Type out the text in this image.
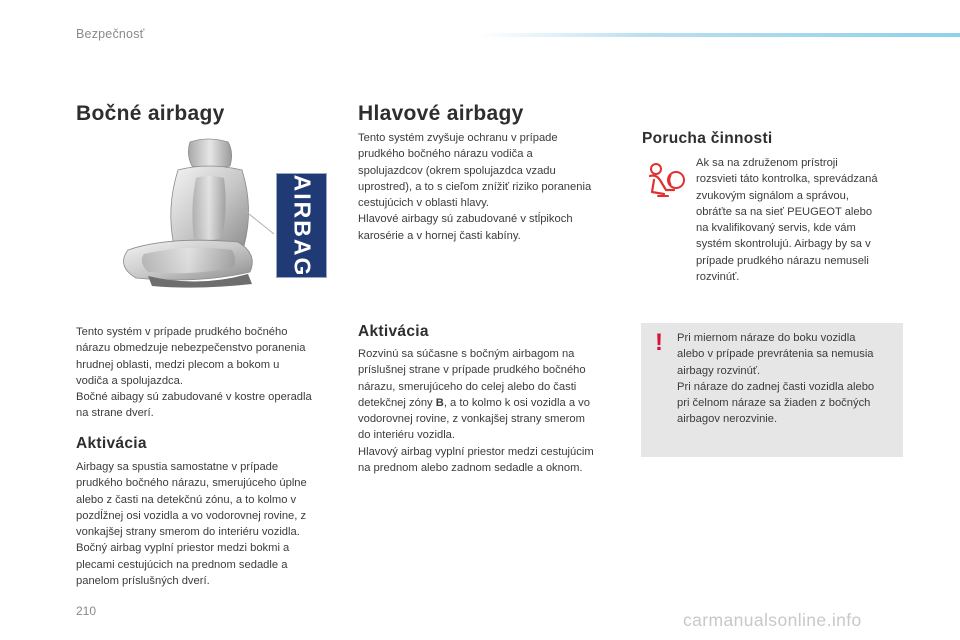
Bezpečnosť
Bočné airbagy
AIRBAG

Tento systém v prípade prudkého bočného

nárazu obmedzuje nebezpečenstvo poranenia

hrudnej oblasti, medzi plecom a bokom u

vodiča a spolujazdca.

Bočné aibagy sú zabudované v kostre operadla

na strane dverí.

Aktivácia

Airbagy sa spustia samostatne v prípade

prudkého bočného nárazu, smerujúceho úplne

alebo z časti na detekčnú zónu, a to kolmo v

pozdĺžnej osi vozidla a vo vodorovnej rovine, z

vonkajšej strany smerom do interiéru vozidla.

Bočný airbag vyplní priestor medzi bokmi a

plecami cestujúcich na prednom sedadle a

panelom príslušných dverí.

Hlavové airbagy

Tento systém zvyšuje ochranu v prípade

prudkého bočného nárazu vodiča a

spolujazdcov (okrem spolujazdca vzadu

uprostred), a to s cieľom znížiť riziko poranenia

cestujúcich v oblasti hlavy.

Hlavové airbagy sú zabudované v stĺpikoch

karosérie a v hornej časti kabíny.

Aktivácia

Rozvinú sa súčasne s bočným airbagom na

príslušnej strane v prípade prudkého bočného

nárazu, smerujúceho do celej alebo do časti

detekčnej zóny B, a to kolmo k osi vozidla a vo

vodorovnej rovine, z vonkajšej strany smerom

do interiéru vozidla.

Hlavový airbag vyplní priestor medzi cestujúcim

na prednom alebo zadnom sedadle a oknom.

Porucha činnosti

Ak sa na združenom prístroji

rozsvieti táto kontrolka, sprevádzaná

zvukovým signálom a správou,

obráťte sa na sieť PEUGEOT alebo

na kvalifikovaný servis, kde vám

systém skontrolujú. Airbagy by sa v

prípade prudkého nárazu nemuseli

rozvinúť.

! Pri miernom náraze do boku vozidla

alebo v prípade prevrátenia sa nemusia

airbagy rozvinúť.

Pri náraze do zadnej časti vozidla alebo

pri čelnom náraze sa žiaden z bočných

airbagov nerozvinie.

210	carmanualsonline.info
